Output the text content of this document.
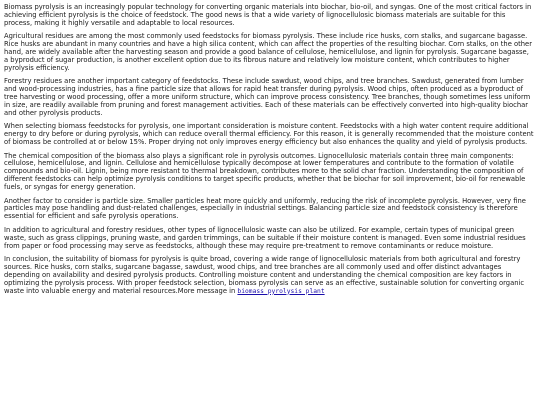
Biomass pyrolysis is an increasingly popular technology for converting organic materials into biochar, bio-oil, and syngas. One of the most critical factors in achieving efficient pyrolysis is the choice of feedstock. The good news is that a wide variety of lignocellulosic biomass materials are suitable for this process, making it highly versatile and adaptable to local resources.

Agricultural residues are among the most commonly used feedstocks for biomass pyrolysis. These include rice husks, corn stalks, and sugarcane bagasse. Rice husks are abundant in many countries and have a high silica content, which can affect the properties of the resulting biochar. Corn stalks, on the other hand, are widely available after the harvesting season and provide a good balance of cellulose, hemicellulose, and lignin for pyrolysis. Sugarcane bagasse, a byproduct of sugar production, is another excellent option due to its fibrous nature and relatively low moisture content, which contributes to higher pyrolysis efficiency.

Forestry residues are another important category of feedstocks. These include sawdust, wood chips, and tree branches. Sawdust, generated from lumber and wood-processing industries, has a fine particle size that allows for rapid heat transfer during pyrolysis. Wood chips, often produced as a byproduct of tree harvesting or wood processing, offer a more uniform structure, which can improve process consistency. Tree branches, though sometimes less uniform in size, are readily available from pruning and forest management activities. Each of these materials can be effectively converted into high-quality biochar and other pyrolysis products.

When selecting biomass feedstocks for pyrolysis, one important consideration is moisture content. Feedstocks with a high water content require additional energy to dry before or during pyrolysis, which can reduce overall thermal efficiency. For this reason, it is generally recommended that the moisture content of biomass be controlled at or below 15%. Proper drying not only improves energy efficiency but also enhances the quality and yield of pyrolysis products.

The chemical composition of the biomass also plays a significant role in pyrolysis outcomes. Lignocellulosic materials contain three main components: cellulose, hemicellulose, and lignin. Cellulose and hemicellulose typically decompose at lower temperatures and contribute to the formation of volatile compounds and bio-oil. Lignin, being more resistant to thermal breakdown, contributes more to the solid char fraction. Understanding the composition of different feedstocks can help optimize pyrolysis conditions to target specific products, whether that be biochar for soil improvement, bio-oil for renewable fuels, or syngas for energy generation.

Another factor to consider is particle size. Smaller particles heat more quickly and uniformly, reducing the risk of incomplete pyrolysis. However, very fine particles may pose handling and dust-related challenges, especially in industrial settings. Balancing particle size and feedstock consistency is therefore essential for efficient and safe pyrolysis operations.

In addition to agricultural and forestry residues, other types of lignocellulosic waste can also be utilized. For example, certain types of municipal green waste, such as grass clippings, pruning waste, and garden trimmings, can be suitable if their moisture content is managed. Even some industrial residues from paper or food processing may serve as feedstocks, although these may require pre-treatment to remove contaminants or reduce moisture.

In conclusion, the suitability of biomass for pyrolysis is quite broad, covering a wide range of lignocellulosic materials from both agricultural and forestry sources. Rice husks, corn stalks, sugarcane bagasse, sawdust, wood chips, and tree branches are all commonly used and offer distinct advantages depending on availability and desired pyrolysis products. Controlling moisture content and understanding the chemical composition are key factors in optimizing the pyrolysis process. With proper feedstock selection, biomass pyrolysis can serve as an effective, sustainable solution for converting organic waste into valuable energy and material resources.More message in biomass pyrolysis plant
